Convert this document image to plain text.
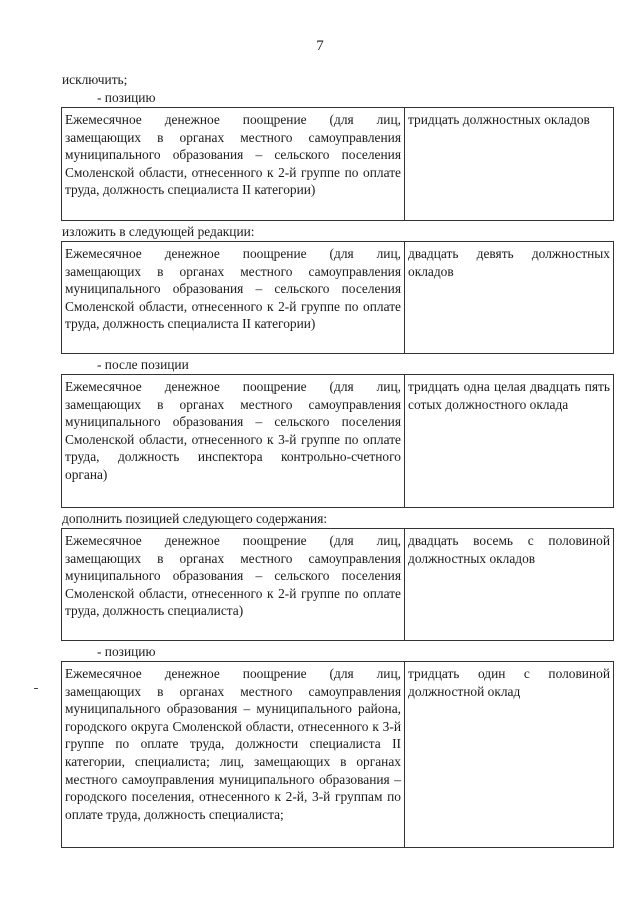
7
исключить;
- позицию
Ежемесячное денежное поощрение (для лиц, замещающих в органах местного самоуправления муниципального образования – сельского поселения Смоленской области, отнесенного к 2-й группе по оплате труда, должность специалиста II категории)	тридцать должностных окладов
изложить в следующей редакции:
Ежемесячное денежное поощрение (для лиц, замещающих в органах местного самоуправления муниципального образования – сельского поселения Смоленской области, отнесенного к 2-й группе по оплате труда, должность специалиста II категории)	двадцать девять должностных окладов
- после позиции
Ежемесячное денежное поощрение (для лиц, замещающих в органах местного самоуправления муниципального образования – сельского поселения Смоленской области, отнесенного к 3-й группе по оплате труда, должность инспектора контрольно-счетного органа)	тридцать одна целая двадцать пять сотых должностного оклада
дополнить позицией следующего содержания:
Ежемесячное денежное поощрение (для лиц, замещающих в органах местного самоуправления муниципального образования – сельского поселения Смоленской области, отнесенного к 2-й группе по оплате труда, должность специалиста)	двадцать восемь с половиной должностных окладов
- позицию
Ежемесячное денежное поощрение (для лиц, замещающих в органах местного самоуправления муниципального образования – муниципального района, городского округа Смоленской области, отнесенного к 3-й группе по оплате труда, должности специалиста II категории, специалиста; лиц, замещающих в органах местного самоуправления муниципального образования – городского поселения, отнесенного к 2-й, 3-й группам по оплате труда, должность специалиста;	тридцать один с половиной должностной оклад
